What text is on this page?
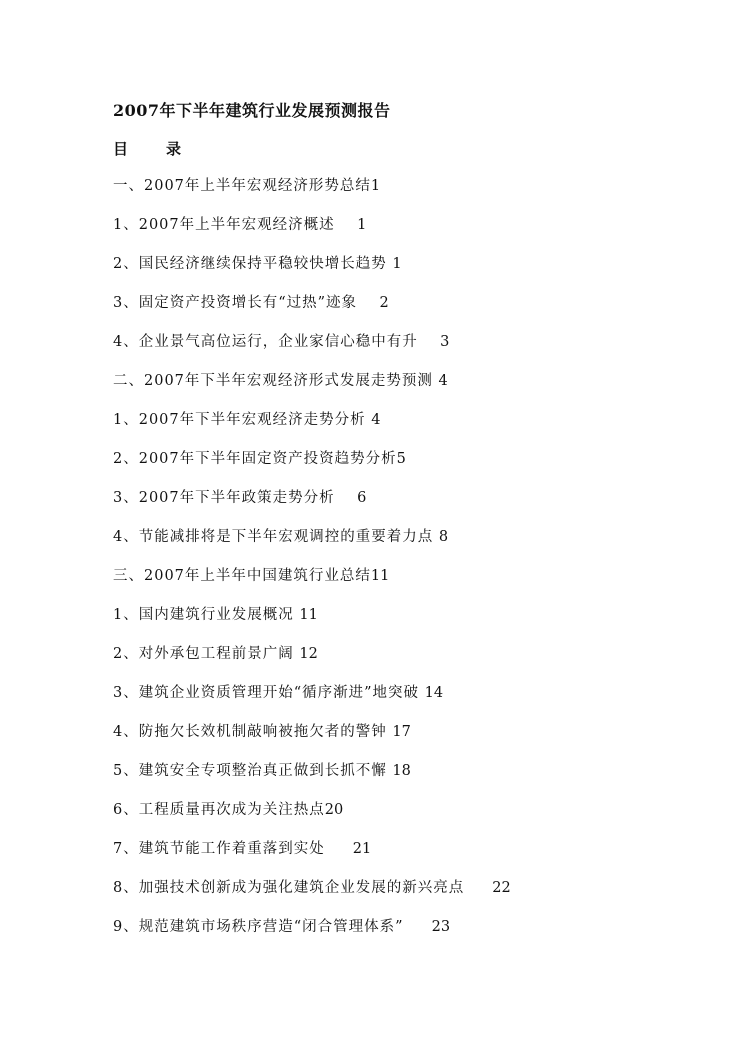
2007年下半年建筑行业发展预测报告
目	录
一、2007年上半年宏观经济形势总结1
1、2007年上半年宏观经济概述 1
2、国民经济继续保持平稳较快增长趋势 1
3、固定资产投资增长有“过热”迹象 2
4、企业景气高位运行，企业家信心稳中有升 3
二、2007年下半年宏观经济形式发展走势预测 4
1、2007年下半年宏观经济走势分析 4
2、2007年下半年固定资产投资趋势分析5
3、2007年下半年政策走势分析 6
4、节能减排将是下半年宏观调控的重要着力点 8
三、2007年上半年中国建筑行业总结11
1、国内建筑行业发展概况 11
2、对外承包工程前景广阔 12
3、建筑企业资质管理开始“循序渐进”地突破 14
4、防拖欠长效机制敲响被拖欠者的警钟 17
5、建筑安全专项整治真正做到长抓不懈 18
6、工程质量再次成为关注热点20
7、建筑节能工作着重落到实处 21
8、加强技术创新成为强化建筑企业发展的新兴亮点 22
9、规范建筑市场秩序营造“闭合管理体系” 23
